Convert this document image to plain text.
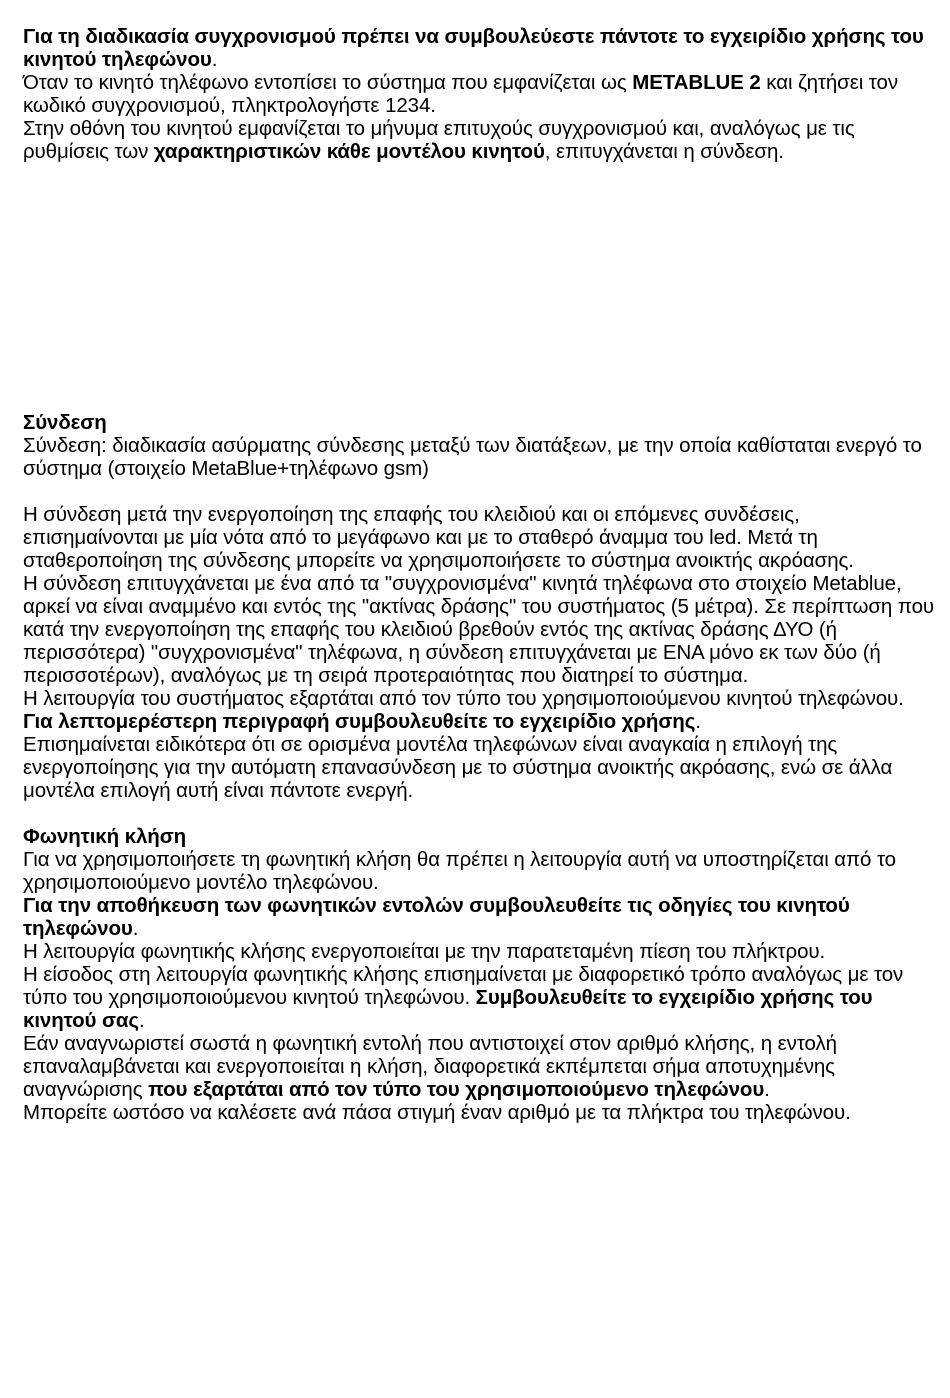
Για τη διαδικασία συγχρονισμού πρέπει να συμβουλεύεστε πάντοτε το εγχειρίδιο χρήσης του κινητού τηλεφώνου.

Όταν το κινητό τηλέφωνο εντοπίσει το σύστημα που εμφανίζεται ως METABLUE 2 και ζητήσει τον κωδικό συγχρονισμού, πληκτρολογήστε 1234.

Στην οθόνη του κινητού εμφανίζεται το μήνυμα επιτυχούς συγχρονισμού και, αναλόγως με τις ρυθμίσεις των χαρακτηριστικών κάθε μοντέλου κινητού, επιτυγχάνεται η σύνδεση.

Σύνδεση

Σύνδεση: διαδικασία ασύρματης σύνδεσης μεταξύ των διατάξεων, με την οποία καθίσταται ενεργό το σύστημα (στοιχείο MetaBlue+τηλέφωνο gsm)

Η σύνδεση μετά την ενεργοποίηση της επαφής του κλειδιού και οι επόμενες συνδέσεις, επισημαίνονται με μία νότα από το μεγάφωνο και με το σταθερό άναμμα του led. Μετά τη σταθεροποίηση της σύνδεσης μπορείτε να χρησιμοποιήσετε το σύστημα ανοικτής ακρόασης.

Η σύνδεση επιτυγχάνεται με ένα από τα "συγχρονισμένα" κινητά τηλέφωνα στο στοιχείο Metablue, αρκεί να είναι αναμμένο και εντός της "ακτίνας δράσης" του συστήματος (5 μέτρα). Σε περίπτωση που κατά την ενεργοποίηση της επαφής του κλειδιού βρεθούν εντός της ακτίνας δράσης ΔΥΟ (ή περισσότερα) "συγχρονισμένα" τηλέφωνα, η σύνδεση επιτυγχάνεται με ΕΝΑ μόνο εκ των δύο (ή περισσοτέρων), αναλόγως με τη σειρά προτεραιότητας που διατηρεί το σύστημα.

Η λειτουργία του συστήματος εξαρτάται από τον τύπο του χρησιμοποιούμενου κινητού τηλεφώνου. Για λεπτομερέστερη περιγραφή συμβουλευθείτε το εγχειρίδιο χρήσης.

Επισημαίνεται ειδικότερα ότι σε ορισμένα μοντέλα τηλεφώνων είναι αναγκαία η επιλογή της ενεργοποίησης για την αυτόματη επανασύνδεση με το σύστημα ανοικτής ακρόασης, ενώ σε άλλα μοντέλα επιλογή αυτή είναι πάντοτε ενεργή.

Φωνητική κλήση

Για να χρησιμοποιήσετε τη φωνητική κλήση θα πρέπει η λειτουργία αυτή να υποστηρίζεται από το χρησιμοποιούμενο μοντέλο τηλεφώνου.

Για την αποθήκευση των φωνητικών εντολών συμβουλευθείτε τις οδηγίες του κινητού τηλεφώνου.

Η λειτουργία φωνητικής κλήσης ενεργοποιείται με την παρατεταμένη πίεση του πλήκτρου.

Η είσοδος στη λειτουργία φωνητικής κλήσης επισημαίνεται με διαφορετικό τρόπο αναλόγως με τον τύπο του χρησιμοποιούμενου κινητού τηλεφώνου. Συμβουλευθείτε το εγχειρίδιο χρήσης του κινητού σας.

Εάν αναγνωριστεί σωστά η φωνητική εντολή που αντιστοιχεί στον αριθμό κλήσης, η εντολή επαναλαμβάνεται και ενεργοποιείται η κλήση, διαφορετικά εκπέμπεται σήμα αποτυχημένης αναγνώρισης που εξαρτάται από τον τύπο του χρησιμοποιούμενο τηλεφώνου.

Μπορείτε ωστόσο να καλέσετε ανά πάσα στιγμή έναν αριθμό με τα πλήκτρα του τηλεφώνου.
